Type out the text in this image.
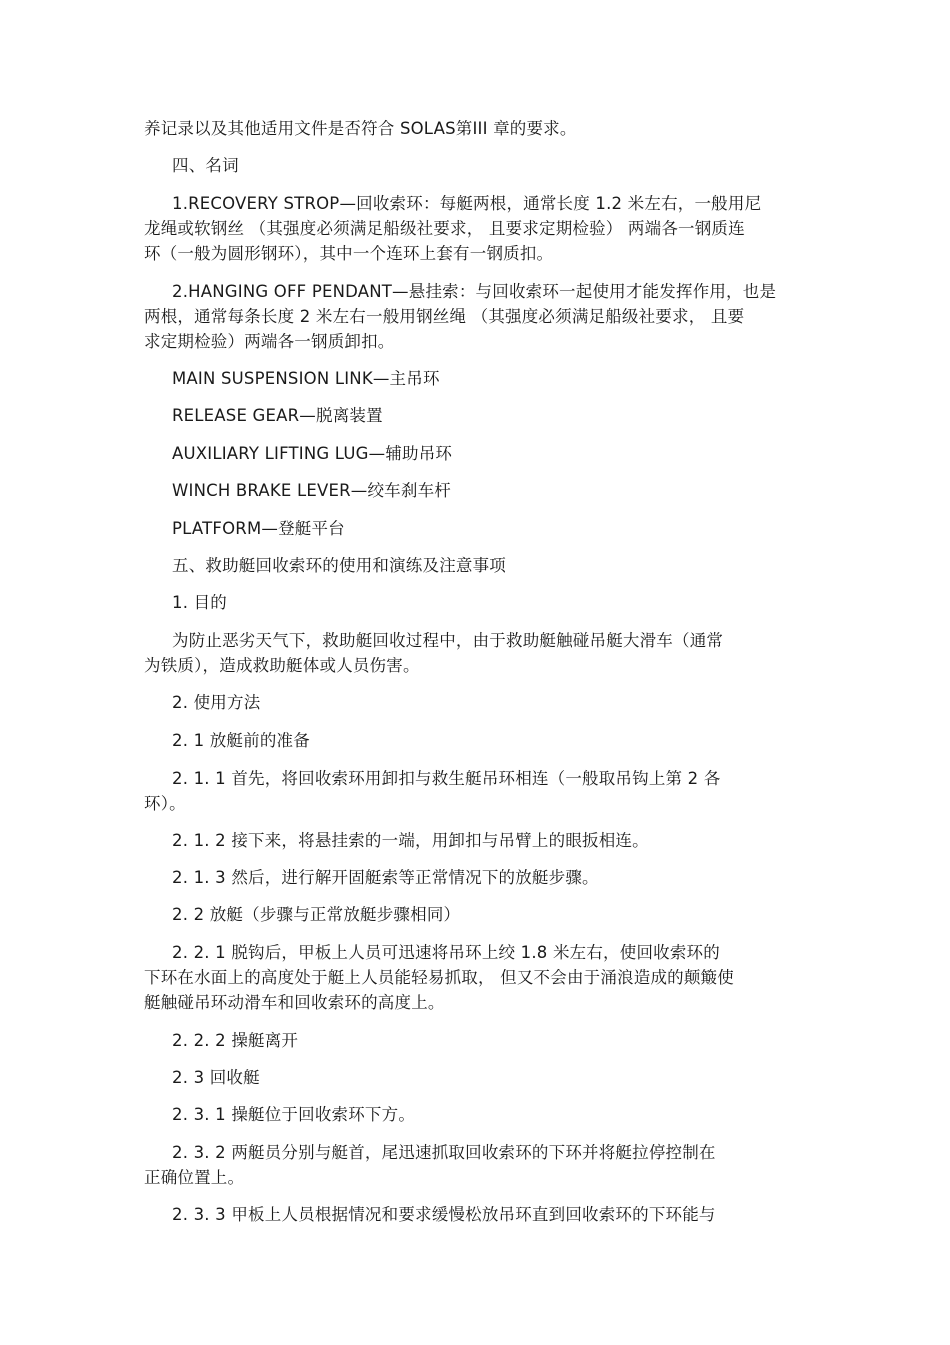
养记录以及其他适用文件是否符合 SOLAS第III 章的要求。
四、名词
1.RECOVERY STROP—回收索环：每艇两根，通常长度 1.2 米左右，一般用尼
龙绳或软钢丝 （其强度必须满足船级社要求， 且要求定期检验） 两端各一钢质连
环（一般为圆形钢环），其中一个连环上套有一钢质扣。
2.HANGING OFF PENDANT—悬挂索：与回收索环一起使用才能发挥作用，也是
两根，通常每条长度 2 米左右一般用钢丝绳 （其强度必须满足船级社要求， 且要
求定期检验）两端各一钢质卸扣。
MAIN SUSPENSION LINK—主吊环
RELEASE GEAR—脱离装置
AUXILIARY LIFTING LUG—辅助吊环
WINCH BRAKE LEVER—绞车刹车杆
PLATFORM—登艇平台
五、救助艇回收索环的使用和演练及注意事项
1. 目的
为防止恶劣天气下，救助艇回收过程中，由于救助艇触碰吊艇大滑车（通常
为铁质），造成救助艇体或人员伤害。
2. 使用方法
2. 1 放艇前的准备
2. 1. 1 首先，将回收索环用卸扣与救生艇吊环相连（一般取吊钩上第 2 各
环）。
2. 1. 2 接下来，将悬挂索的一端，用卸扣与吊臂上的眼扳相连。
2. 1. 3 然后，进行解开固艇索等正常情况下的放艇步骤。
2. 2 放艇（步骤与正常放艇步骤相同）
2. 2. 1 脱钩后，甲板上人员可迅速将吊环上绞 1.8 米左右，使回收索环的
下环在水面上的高度处于艇上人员能轻易抓取， 但又不会由于涌浪造成的颠簸使
艇触碰吊环动滑车和回收索环的高度上。
2. 2. 2 操艇离开
2. 3 回收艇
2. 3. 1 操艇位于回收索环下方。
2. 3. 2 两艇员分别与艇首，尾迅速抓取回收索环的下环并将艇拉停控制在
正确位置上。
2. 3. 3 甲板上人员根据情况和要求缓慢松放吊环直到回收索环的下环能与
